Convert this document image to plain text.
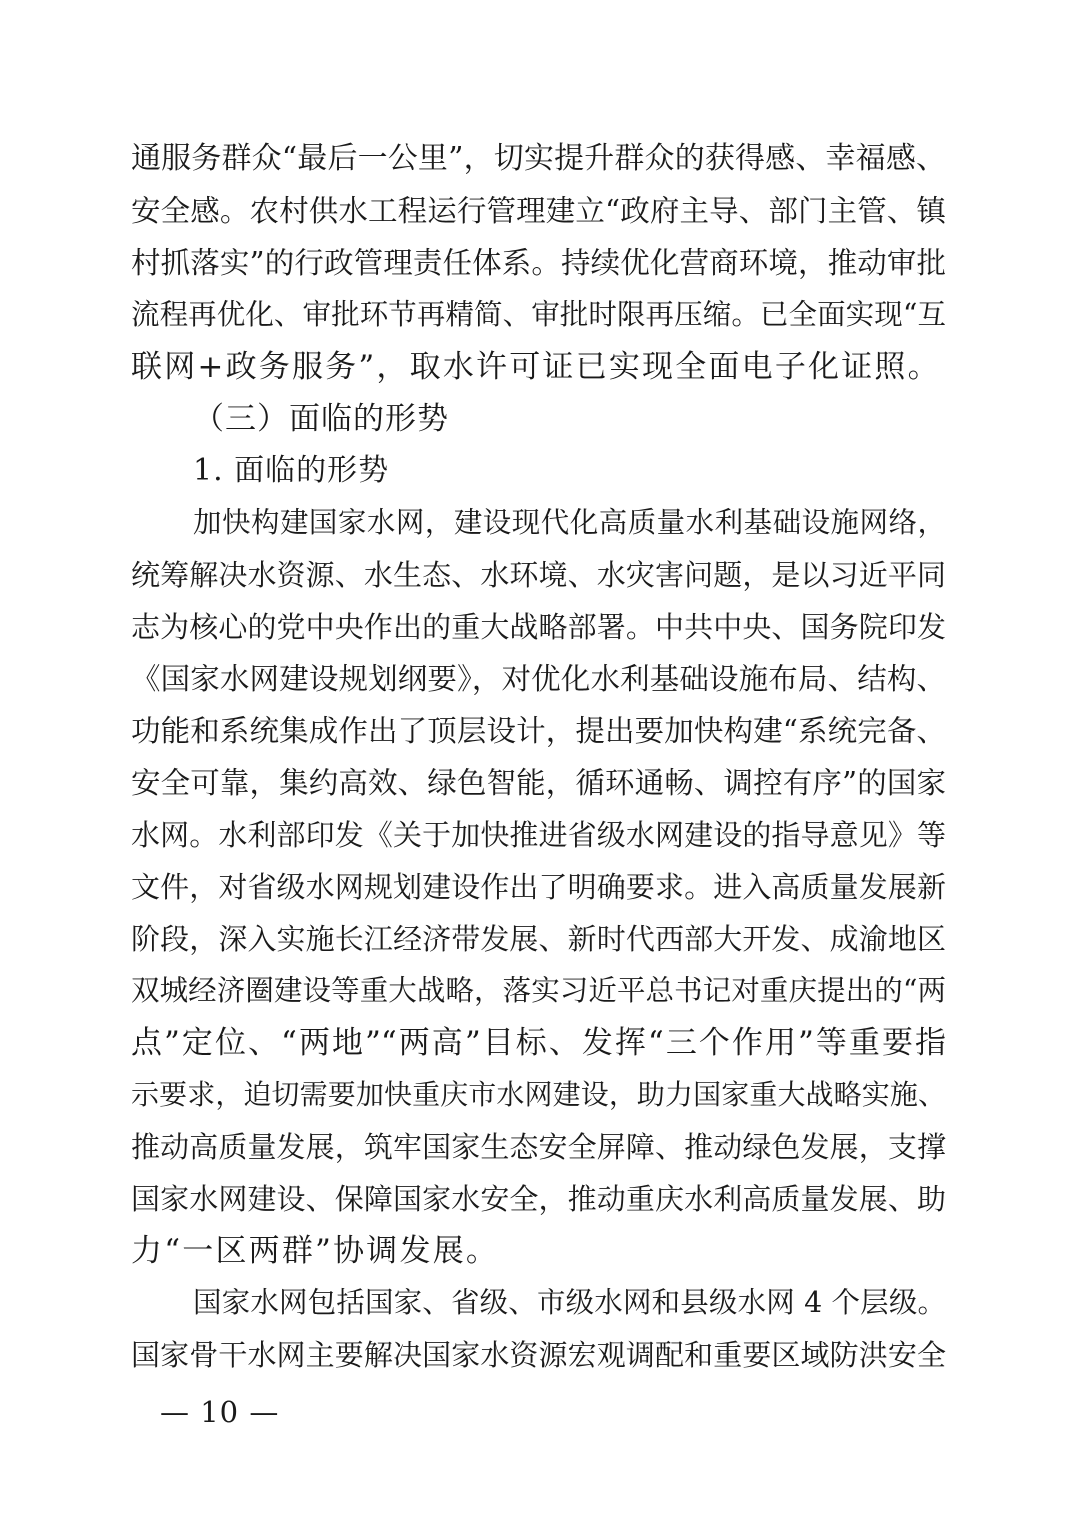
通服务群众“最后一公里”，切实提升群众的获得感、幸福感、
安全感。农村供水工程运行管理建立“政府主导、部门主管、镇
村抓落实”的行政管理责任体系。持续优化营商环境，推动审批
流程再优化、审批环节再精简、审批时限再压缩。已全面实现“互
联网+政务服务”，取水许可证已实现全面电子化证照。
（三）面临的形势
1. 面临的形势
加快构建国家水网，建设现代化高质量水利基础设施网络，
统筹解决水资源、水生态、水环境、水灾害问题，是以习近平同
志为核心的党中央作出的重大战略部署。中共中央、国务院印发
《国家水网建设规划纲要》，对优化水利基础设施布局、结构、
功能和系统集成作出了顶层设计，提出要加快构建“系统完备、
安全可靠，集约高效、绿色智能，循环通畅、调控有序”的国家
水网。水利部印发《关于加快推进省级水网建设的指导意见》等
文件，对省级水网规划建设作出了明确要求。进入高质量发展新
阶段，深入实施长江经济带发展、新时代西部大开发、成渝地区
双城经济圈建设等重大战略，落实习近平总书记对重庆提出的“两
点”定位、“两地”“两高”目标、发挥“三个作用”等重要指
示要求，迫切需要加快重庆市水网建设，助力国家重大战略实施、
推动高质量发展，筑牢国家生态安全屏障、推动绿色发展，支撑
国家水网建设、保障国家水安全，推动重庆水利高质量发展、助
力“一区两群”协调发展。
国家水网包括国家、省级、市级水网和县级水网 4 个层级。
国家骨干水网主要解决国家水资源宏观调配和重要区域防洪安全
— 10 —
